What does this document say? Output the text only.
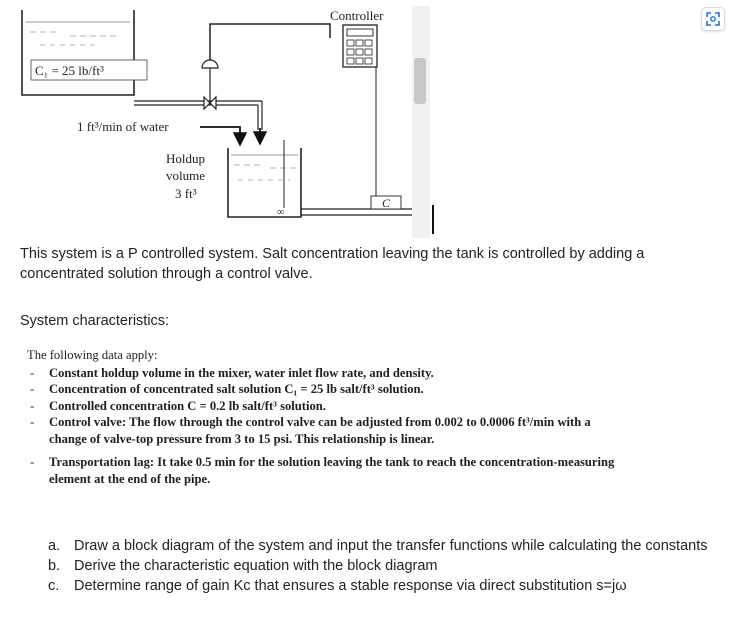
C₁ = 25 lb/ft³
Controller
1 ft³/min of water
∞
Holdup
volume
3 ft³
C
This system is a P controlled system. Salt concentration leaving the tank is controlled by adding a concentrated solution through a control valve.
System characteristics:
The following data apply:
- Constant holdup volume in the mixer, water inlet flow rate, and density.
- Concentration of concentrated salt solution C₁ = 25 lb salt/ft³ solution.
- Controlled concentration C = 0.2 lb salt/ft³ solution.
- Control valve: The flow through the control valve can be adjusted from 0.002 to 0.0006 ft³/min with a change of valve-top pressure from 3 to 15 psi. This relationship is linear.
- Transportation lag: It take 0.5 min for the solution leaving the tank to reach the concentration-measuring element at the end of the pipe.
a. Draw a block diagram of the system and input the transfer functions while calculating the constants
b. Derive the characteristic equation with the block diagram
c.	Determine range of gain Kc that ensures a stable response via direct substitution s=jω
